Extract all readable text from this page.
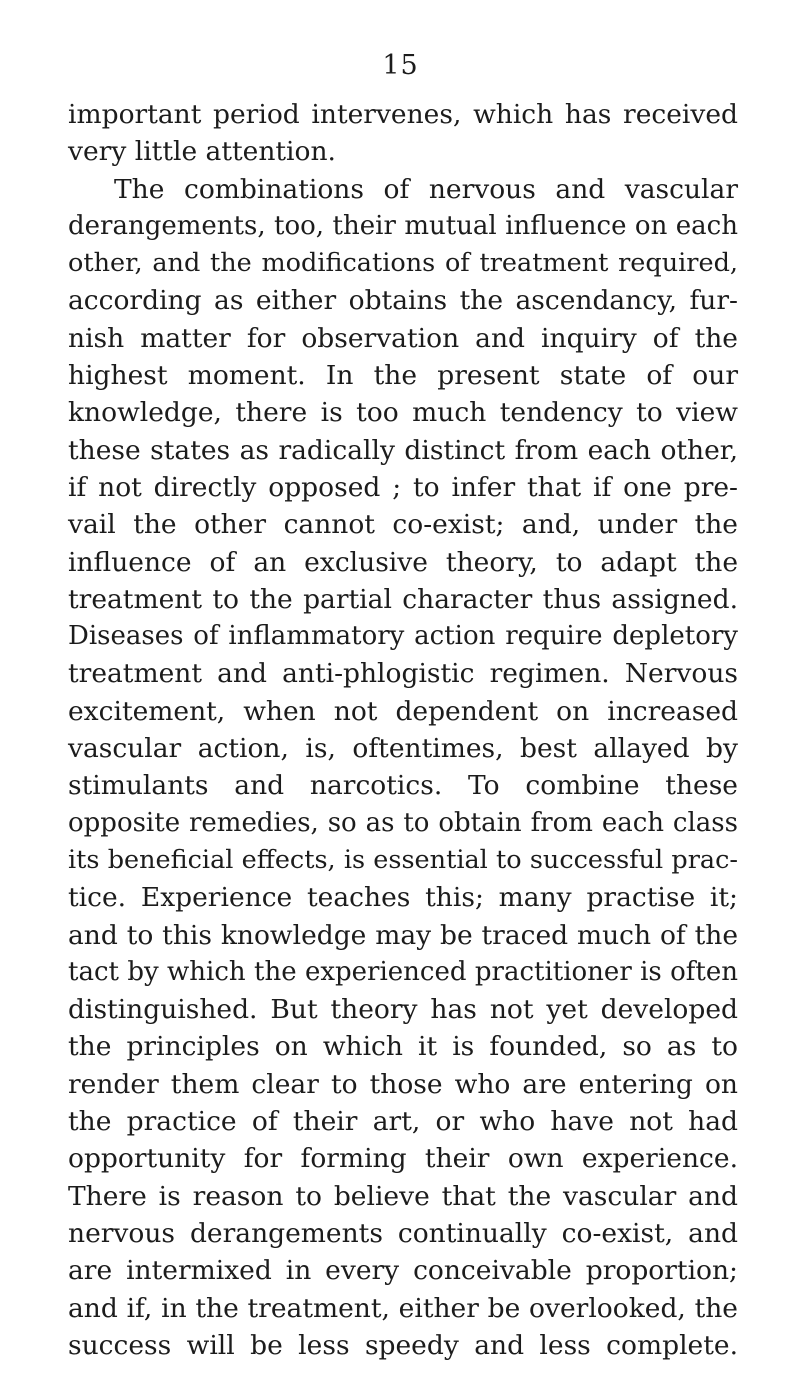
15
important period intervenes, which has received
very little attention.
The combinations of nervous and vascular
derangements, too, their mutual influence on each
other, and the modifications of treatment required,
according as either obtains the ascendancy, fur-
nish matter for observation and inquiry of the
highest moment. In the present state of our
knowledge, there is too much tendency to view
these states as radically distinct from each other,
if not directly opposed ; to infer that if one pre-
vail the other cannot co-exist; and, under the
influence of an exclusive theory, to adapt the
treatment to the partial character thus assigned.
Diseases of inflammatory action require depletory
treatment and anti-phlogistic regimen. Nervous
excitement, when not dependent on increased
vascular action, is, oftentimes, best allayed by
stimulants and narcotics. To combine these
opposite remedies, so as to obtain from each class
its beneficial effects, is essential to successful prac-
tice. Experience teaches this; many practise it;
and to this knowledge may be traced much of the
tact by which the experienced practitioner is often
distinguished. But theory has not yet developed
the principles on which it is founded, so as to
render them clear to those who are entering on
the practice of their art, or who have not had
opportunity for forming their own experience.
There is reason to believe that the vascular and
nervous derangements continually co-exist, and
are intermixed in every conceivable proportion;
and if, in the treatment, either be overlooked, the
success will be less speedy and less complete.
